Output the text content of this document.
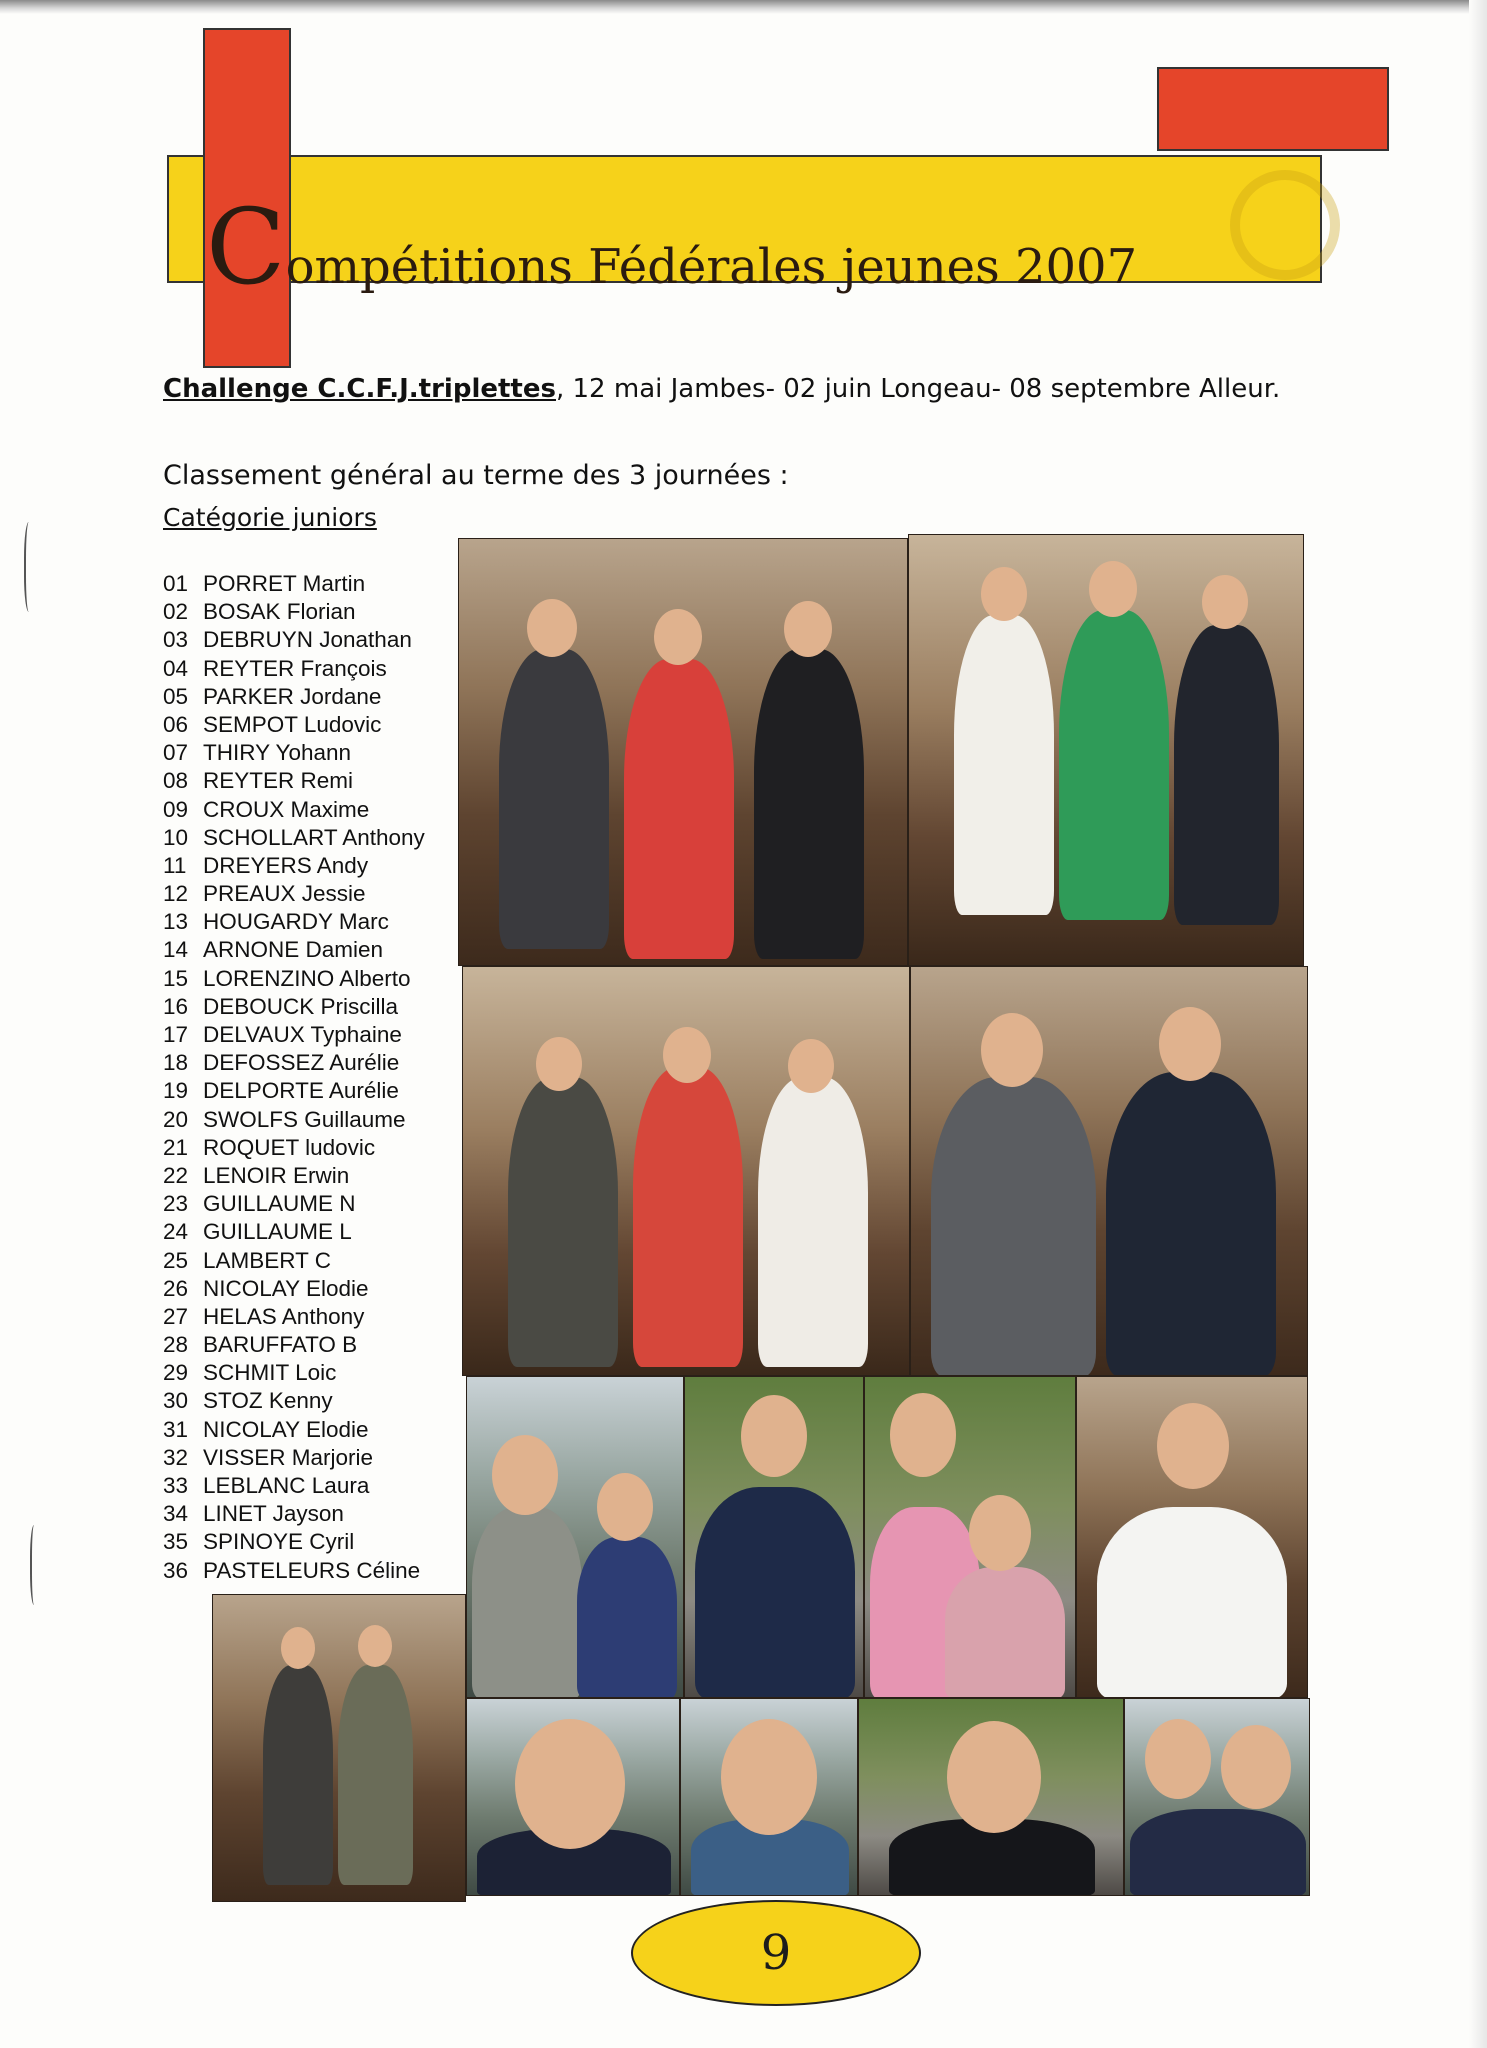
Compétitions Fédérales jeunes 2007
Challenge C.C.F.J.triplettes, 12 mai Jambes- 02 juin Longeau- 08 septembre Alleur.
Classement général au terme des 3 journées :
Catégorie juniors
01 PORRET Martin
02 BOSAK Florian
03 DEBRUYN Jonathan
04 REYTER François
05 PARKER Jordane
06 SEMPOT Ludovic
07 THIRY Yohann
08 REYTER Remi
09 CROUX Maxime
10 SCHOLLART Anthony
11 DREYERS Andy
12 PREAUX Jessie
13 HOUGARDY Marc
14 ARNONE Damien
15 LORENZINO Alberto
16 DEBOUCK Priscilla
17 DELVAUX Typhaine
18 DEFOSSEZ Aurélie
19 DELPORTE Aurélie
20 SWOLFS Guillaume
21 ROQUET ludovic
22 LENOIR Erwin
23 GUILLAUME N
24 GUILLAUME L
25 LAMBERT C
26 NICOLAY Elodie
27 HELAS Anthony
28 BARUFFATO B
29 SCHMIT Loic
30 STOZ Kenny
31 NICOLAY Elodie
32 VISSER Marjorie
33 LEBLANC Laura
34 LINET Jayson
35 SPINOYE Cyril
36 PASTELEURS Céline
9
